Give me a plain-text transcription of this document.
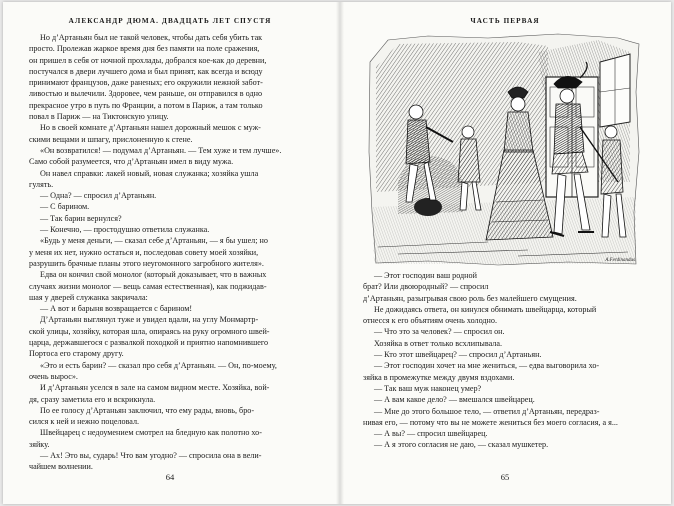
АЛЕКСАНДР ДЮМА. ДВАДЦАТЬ ЛЕТ СПУСТЯ
Но д’Артаньян был не такой человек, чтобы дать себя убить так
просто. Пролежав жаркое время дня без памяти на поле сражения,
он пришел в себя от ночной прохлады, добрался кое-как до деревни,
постучался в двери лучшего дома и был принят, как всегда и всюду
принимают французов, даже раненых; его окружили нежной забот-
ливостью и вылечили. Здоровее, чем раньше, он отправился в одно
прекрасное утро в путь по Франции, а потом в Париж, а там только
повал в Париж — на Тиктонскую улицу.
Но в своей комнате д’Артаньян нашел дорожный мешок с муж-
скими вещами и шпагу, прислоненную к стене.
«Он возвратился! — подумал д’Артаньян. — Тем хуже и тем лучше».
Само собой разумеется, что д’Артаньян имел в виду мужа.
Он навел справки: лакей новый, новая служанка; хозяйка ушла
гулять.
— Одна? — спросил д’Артаньян.
— С барином.
— Так барин вернулся?
— Конечно, — простодушно ответила служанка.
«Будь у меня деньги, — сказал себе д’Артаньян, — я бы ушел; но
у меня их нет, нужно остаться и, последовав совету моей хозяйки,
разрушить брачные планы этого неугомонного загробного жителя».
Едва он кончил свой монолог (который доказывает, что в важных
случаях жизни монолог — вещь самая естественная), как поджидав-
шая у дверей служанка закричала:
— А вот и барыня возвращается с барином!
Д’Артаньян выглянул туже и увидел вдали, на углу Монмартр-
ской улицы, хозяйку, которая шла, опираясь на руку огромного швей-
царца, державшегося с развалкой походкой и приятно напомнившего
Портоса его старому другу.
«Это и есть барин? — сказал про себя д’Артаньян. — Он, по-моему,
очень вырос».
И д’Артаньян уселся в зале на самом видном месте. Хозяйка, вой-
дя, сразу заметила его и вскрикнула.
По ее голосу д’Артаньян заключил, что ему рады, вновь, бро-
сился к ней и нежно поцеловал.
Швейцарец с недоумением смотрел на бледную как полотно хо-
зяйку.
— Ах! Это вы, сударь! Что вам угодно? — спросила она в вели-
чайшем волнении.
64
ЧАСТЬ ПЕРВАЯ
A.Ferdinandus
— Этот господин ваш родной
брат? Или двоюродный? — спросил
д’Артаньян, разыгрывая свою роль без малейшего смущения.
Не дожидаясь ответа, он кинулся обнимать швейцарца, который
отнесся к его объятиям очень холодно.
— Что это за человек? — спросил он.
Хозяйка в ответ только всхлипывала.
— Кто этот швейцарец? — спросил д’Артаньян.
— Этот господин хочет на мне жениться, — едва выговорила хо-
зяйка в промежутке между двумя вздохами.
— Так ваш муж наконец умер?
— А вам какое дело? — вмешался швейцарец.
— Мне до этого большое тело, — ответил д’Артаньян, передраз-
нивая его, — потому что вы не можете жениться без моего согласия, а я...
— А вы? — спросил швейцарец.
— А я этого согласия не даю, — сказал мушкетер.
65
